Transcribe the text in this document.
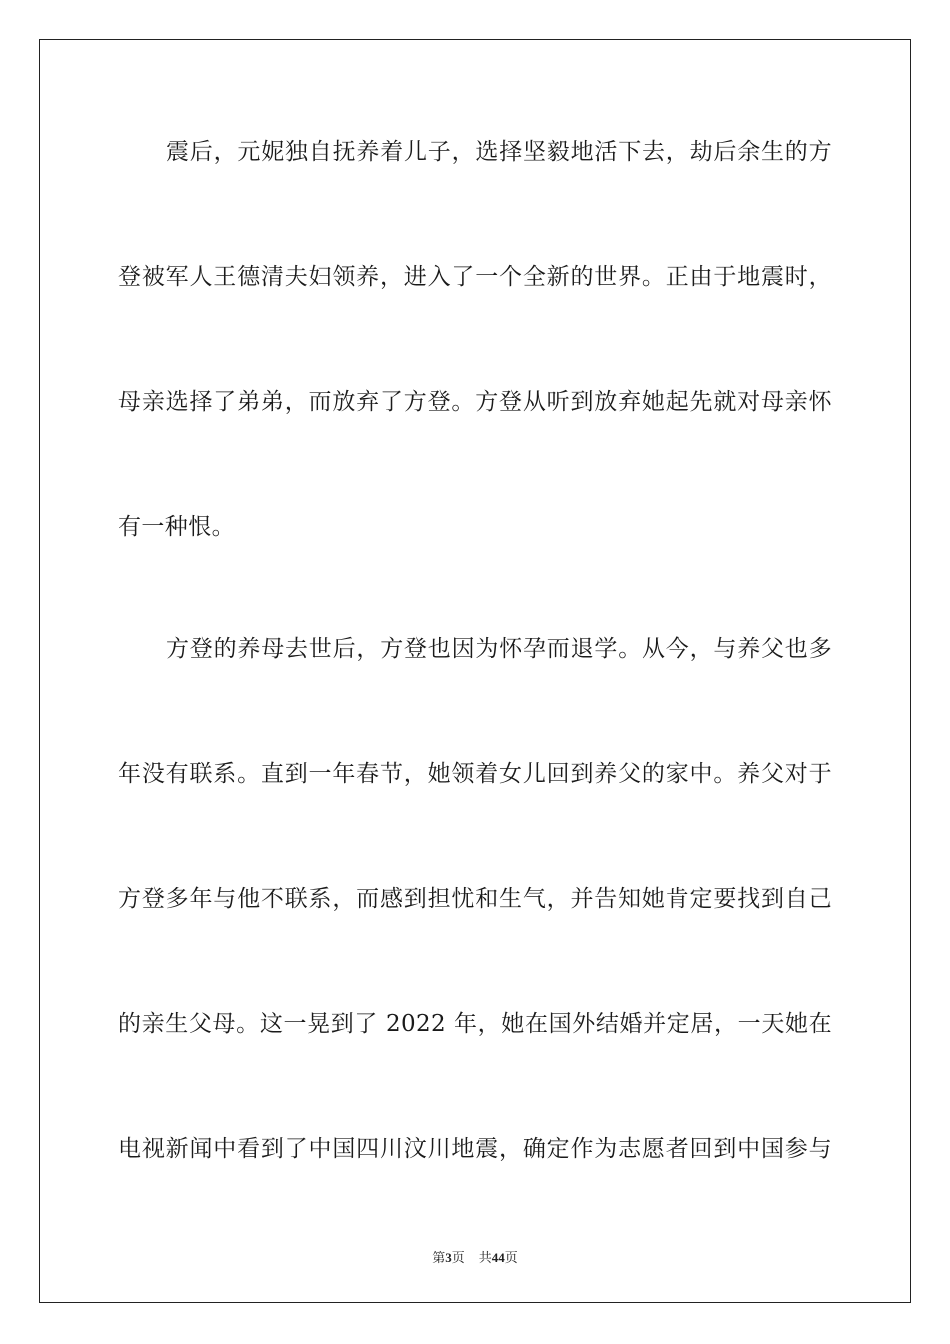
震后，元妮独自抚养着儿子，选择坚毅地活下去，劫后余生的方
登被军人王德清夫妇领养，进入了一个全新的世界。正由于地震时，
母亲选择了弟弟，而放弃了方登。方登从听到放弃她起先就对母亲怀
有一种恨。
方登的养母去世后，方登也因为怀孕而退学。从今，与养父也多
年没有联系。直到一年春节，她领着女儿回到养父的家中。养父对于
方登多年与他不联系，而感到担忧和生气，并告知她肯定要找到自己
的亲生父母。这一晃到了 2022 年，她在国外结婚并定居，一天她在
电视新闻中看到了中国四川汶川地震，确定作为志愿者回到中国参与
第3页 共44页
